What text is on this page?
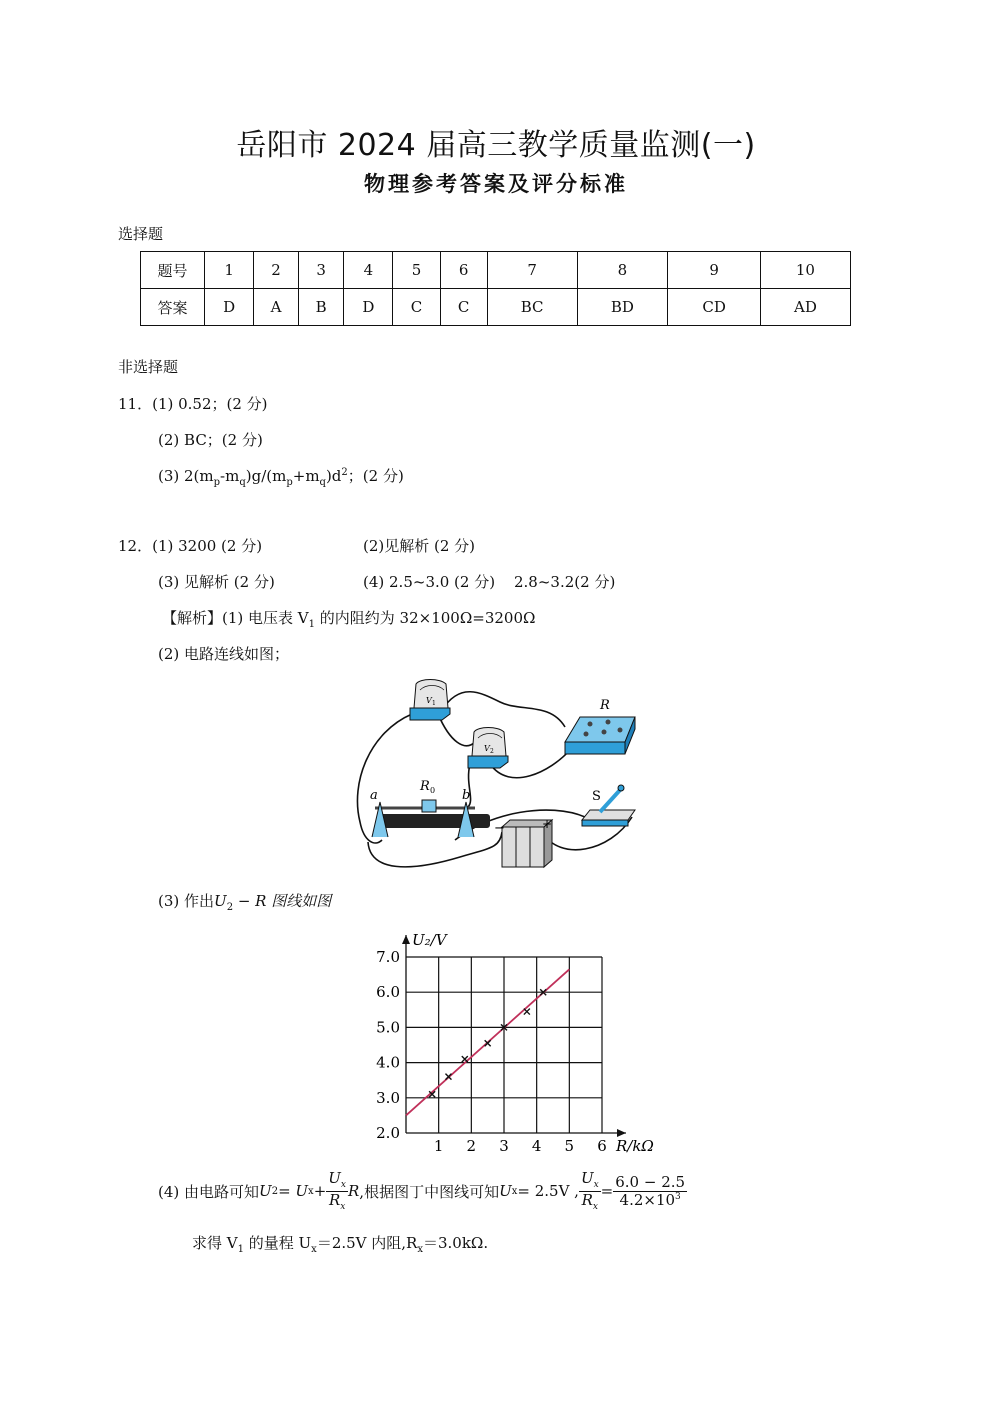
岳阳市 2024 届高三教学质量监测(一)
物理参考答案及评分标准
选择题
题号	1	2	3	4	5	6	7	8	9	10
答案	D	A	B	D	C	C	BC	BD	CD	AD
非选择题
11．(1) 0.52；(2 分)
(2) BC；(2 分)
(3) $2(m_p-m_q)g/(m_p+m_q)d^2$；(2 分)
12．(1) 3200 (2 分)	(2)见解析 (2 分)
(3) 见解析 (2 分)	(4) 2.5~3.0 (2 分) 2.8~3.2(2 分)
【解析】(1) 电压表 $V_1$ 的内阻约为 32×100Ω=3200Ω
(2) 电路连线如图；
V 1
V 2
R
a	b
R 0
−	+
S
(3) 作出$U_2 - R$ 图线如图
1 2 3 4 5 6
2.0
3.0
4.0
5.0
6.0
7.0
R/kΩ
U₂/V
(4) 由电路可知 U 2 = U $x + \frac{U_x}{R_x}$ R ,根据图丁中图线可知 U x = 2.5V , $\frac{U_x}{R_x} = \frac{6.0 - 2.5}{4.2\times 10^3}$
求得 $V_1$ 的量程 $U_x=2.5V$ 内阻$,R_x=3.0k\Omega$.
